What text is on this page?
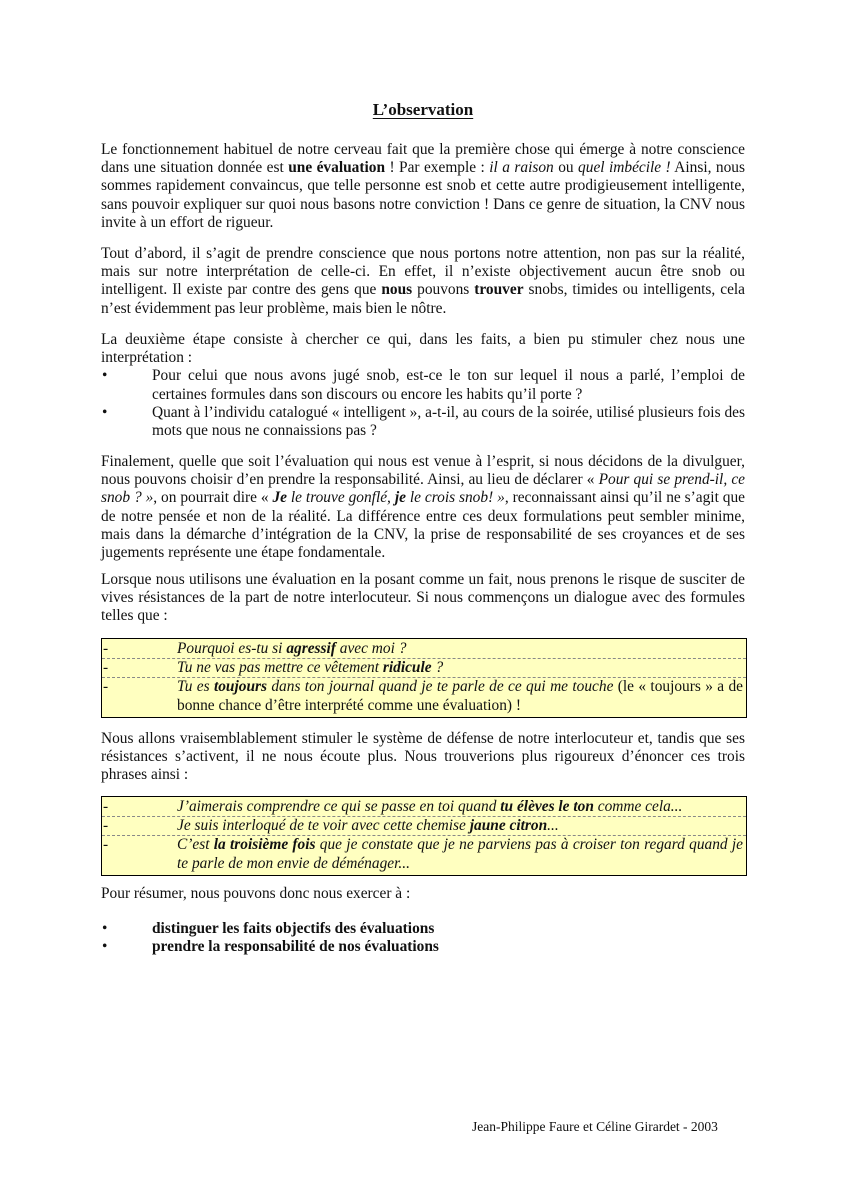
L’observation

Le fonctionnement habituel de notre cerveau fait que la première chose qui émerge à notre conscience dans une situation donnée est une évaluation ! Par exemple : il a raison ou quel imbécile ! Ainsi, nous sommes rapidement convaincus, que telle personne est snob et cette autre prodigieusement intelligente, sans pouvoir expliquer sur quoi nous basons notre conviction ! Dans ce genre de situation, la CNV nous invite à un effort de rigueur.

Tout d’abord, il s’agit de prendre conscience que nous portons notre attention, non pas sur la réalité, mais sur notre interprétation de celle-ci. En effet, il n’existe objectivement aucun être snob ou intelligent. Il existe par contre des gens que nous pouvons trouver snobs, timides ou intelligents, cela n’est évidemment pas leur problème, mais bien le nôtre.

La deuxième étape consiste à chercher ce qui, dans les faits, a bien pu stimuler chez nous une interprétation :

•	Pour celui que nous avons jugé snob, est-ce le ton sur lequel il nous a parlé, l’emploi de certaines formules dans son discours ou encore les habits qu’il porte ?
•	Quant à l’individu catalogué « intelligent », a-t-il, au cours de la soirée, utilisé plusieurs fois des mots que nous ne connaissions pas ?

Finalement, quelle que soit l’évaluation qui nous est venue à l’esprit, si nous décidons de la divulguer, nous pouvons choisir d’en prendre la responsabilité. Ainsi, au lieu de déclarer « Pour qui se prend-il, ce snob ? », on pourrait dire « Je le trouve gonflé, je le crois snob! », reconnaissant ainsi qu’il ne s’agit que de notre pensée et non de la réalité. La différence entre ces deux formulations peut sembler minime, mais dans la démarche d’intégration de la CNV, la prise de responsabilité de ses croyances et de ses jugements représente une étape fondamentale.

Lorsque nous utilisons une évaluation en la posant comme un fait, nous prenons le risque de susciter de vives résistances de la part de notre interlocuteur. Si nous commençons un dialogue avec des formules telles que :

-	Pourquoi es-tu si agressif avec moi ?
-	Tu ne vas pas mettre ce vêtement ridicule ?
-	Tu es toujours dans ton journal quand je te parle de ce qui me touche (le « toujours » a de bonne chance d’être interprété comme une évaluation) !

Nous allons vraisemblablement stimuler le système de défense de notre interlocuteur et, tandis que ses résistances s’activent, il ne nous écoute plus. Nous trouverions plus rigoureux d’énoncer ces trois phrases ainsi :

-	J’aimerais comprendre ce qui se passe en toi quand tu élèves le ton comme cela...
-	Je suis interloqué de te voir avec cette chemise jaune citron...
-	C’est la troisième fois que je constate que je ne parviens pas à croiser ton regard quand je te parle de mon envie de déménager...

Pour résumer, nous pouvons donc nous exercer à :

•	distinguer les faits objectifs des évaluations
•	prendre la responsabilité de nos évaluations
Jean-Philippe Faure et Céline Girardet - 2003
